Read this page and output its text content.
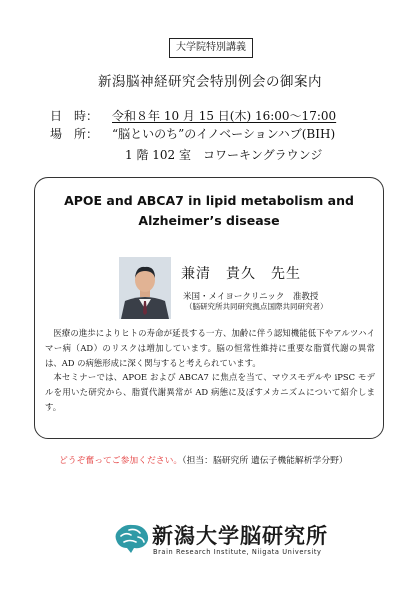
大学院特別講義
新潟脳神経研究会特別例会の御案内
日　時： 令和８年 10 月 15 日(木) 16:00～17:00
場　所： “脳といのち”のイノベーションハブ(BIH)
1 階 102 室　コワーキングラウンジ
APOE and ABCA7 in lipid metabolism and
Alzheimer’s disease
兼清　貴久　先生
米国・メイヨークリニック　准教授
（脳研究所共同研究拠点国際共同研究者）

医療の進歩によりヒトの寿命が延長する一方、加齢に伴う認知機能低下やアルツハイマー病（AD）のリスクは増加しています。脳の恒常性維持に重要な脂質代謝の異常は、AD の病態形成に深く関与すると考えられています。

本セミナーでは、APOE および ABCA7 に焦点を当て、マウスモデルや iPSC モデルを用いた研究から、脂質代謝異常が AD 病態に及ぼすメカニズムについて紹介します。

どうぞ奮ってご参加ください。（担当：脳研究所 遺伝子機能解析学分野）
新潟大学脳研究所
Brain Research Institute, Niigata University
